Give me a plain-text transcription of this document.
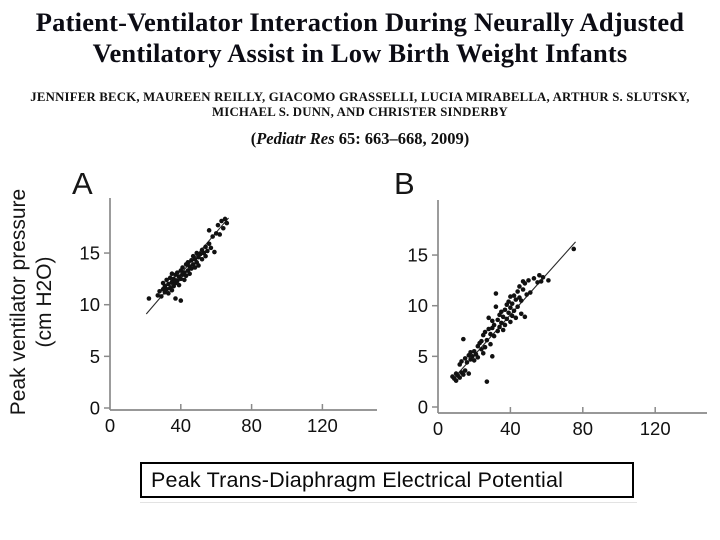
Patient-Ventilator Interaction During Neurally Adjusted
Ventilatory Assist in Low Birth Weight Infants
JENNIFER BECK, MAUREEN REILLY, GIACOMO GRASSELLI, LUCIA MIRABELLA, ARTHUR S. SLUTSKY,
MICHAEL S. DUNN, AND CHRISTER SINDERBY
(Pediatr Res 65: 663–668, 2009)
Peak ventilator pressure (cm H2O)
A	B
0
5
10
15
0	40	80 120
0
5
10
15
0	40	80	120
Peak Trans-Diaphragm Electrical Potential
